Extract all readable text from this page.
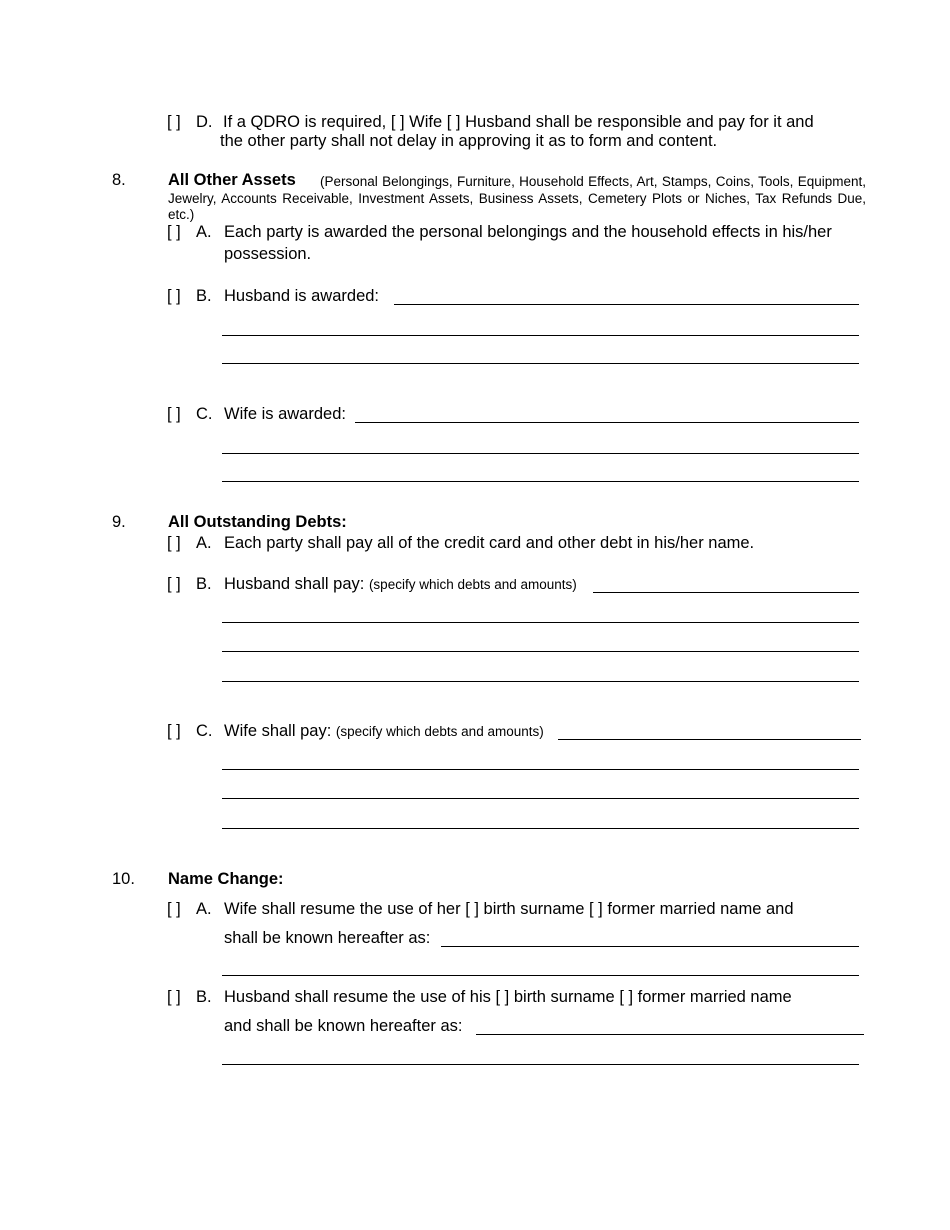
[ ] D. If a QDRO is required, [ ] Wife [ ] Husband shall be responsible and pay for it and
the other party shall not delay in approving it as to form and content.
8.	All Other Assets	(Personal Belongings, Furniture, Household Effects, Art, Stamps, Coins, Tools, Equipment, Jewelry, Accounts Receivable, Investment Assets, Business Assets, Cemetery Plots or Niches, Tax Refunds Due, etc.)
[ ] A. Each party is awarded the personal belongings and the household effects in his/her
possession.
[ ] B. Husband is awarded:
[ ] C. Wife is awarded:
9.	All Outstanding Debts:
[ ] A. Each party shall pay all of the credit card and other debt in his/her name.
[ ] B. Husband shall pay: (specify which debts and amounts)
[ ] C. Wife shall pay: (specify which debts and amounts)
10. Name Change:
[ ] A. Wife shall resume the use of her [ ] birth surname [ ] former married name and
shall be known hereafter as:
[ ] B. Husband shall resume the use of his [ ] birth surname [ ] former married name
and shall be known hereafter as:
